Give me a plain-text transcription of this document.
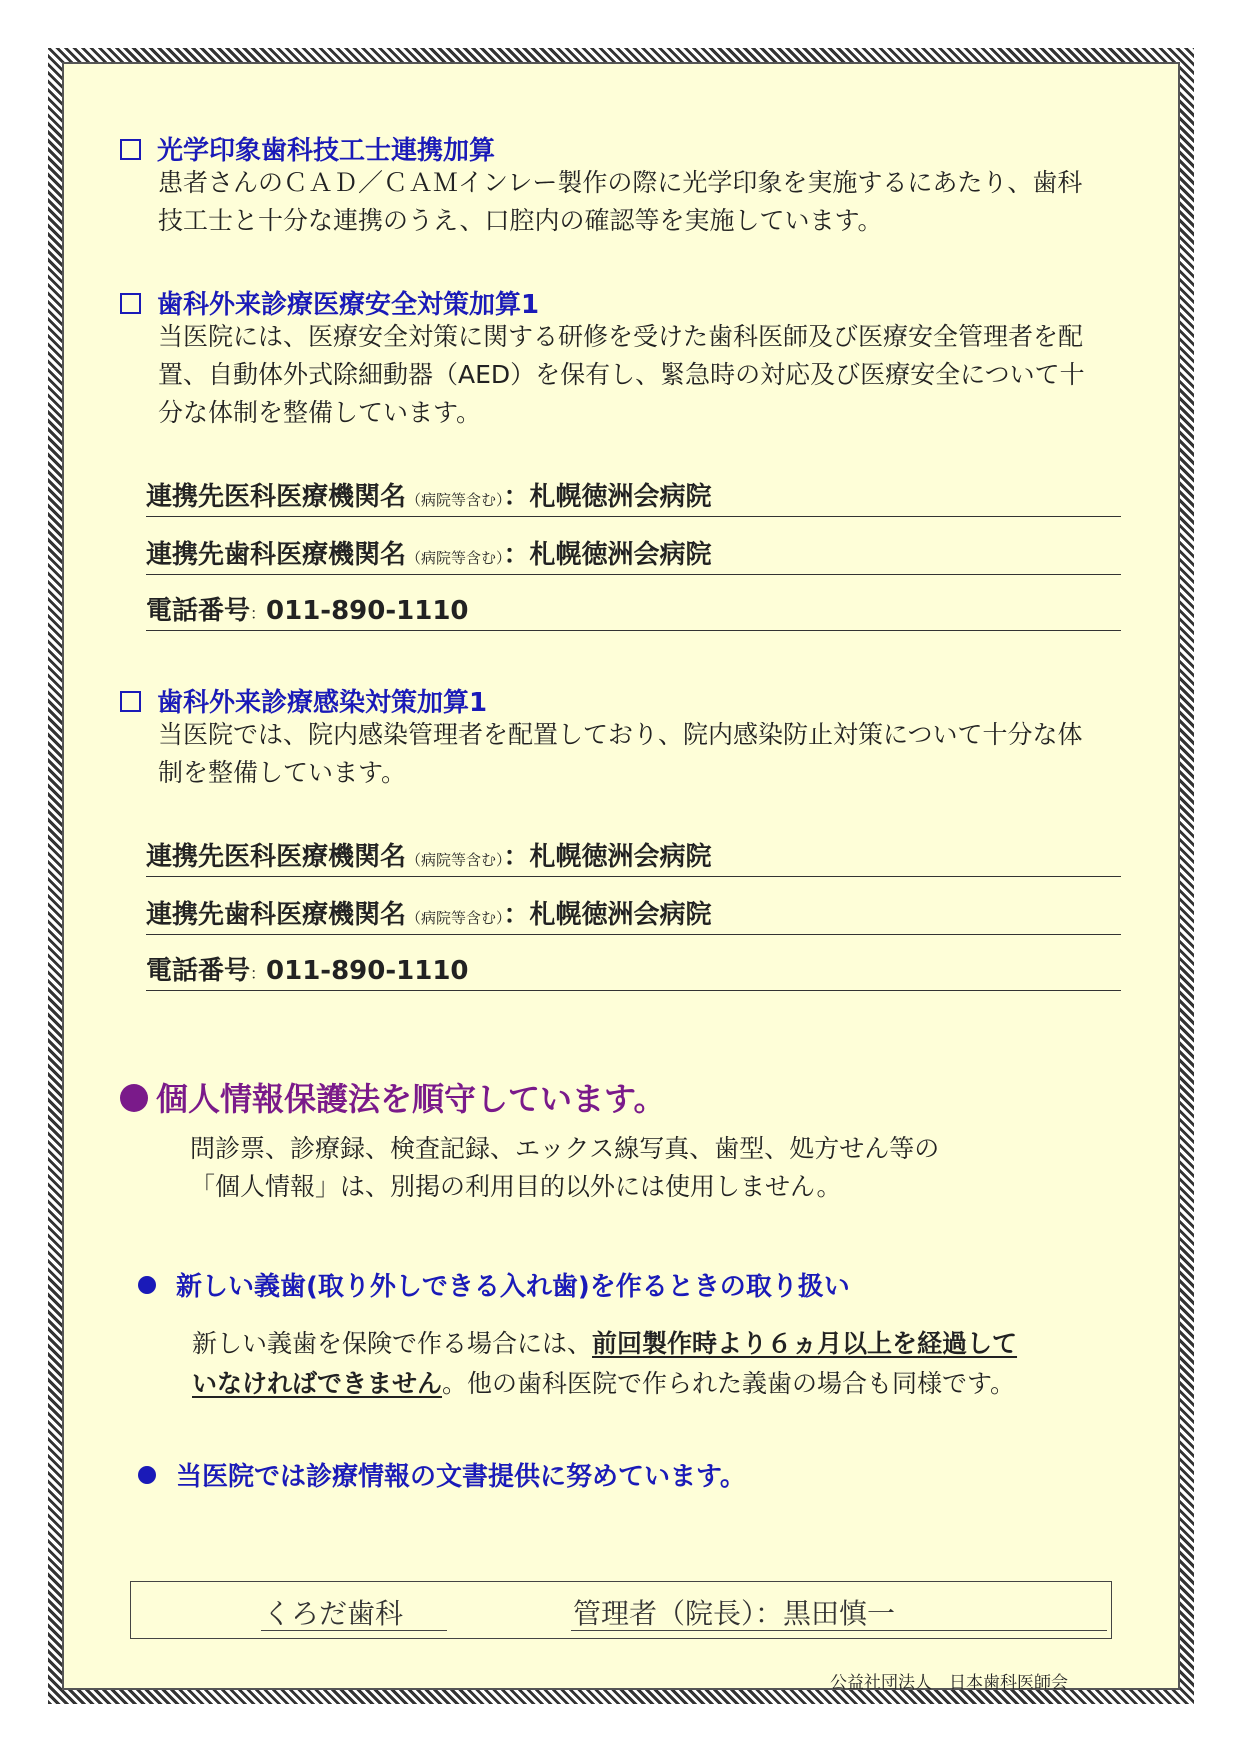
光学印象歯科技工士連携加算
患者さんのＣＡＤ／ＣＡＭインレー製作の際に光学印象を実施するにあたり、歯科
技工士と十分な連携のうえ、口腔内の確認等を実施しています。
歯科外来診療医療安全対策加算1
当医院には、医療安全対策に関する研修を受けた歯科医師及び医療安全管理者を配
置、自動体外式除細動器（AED）を保有し、緊急時の対応及び医療安全について十
分な体制を整備しています。
連携先医科医療機関名（病院等含む）：札幌徳洲会病院
連携先歯科医療機関名（病院等含む）：札幌徳洲会病院
電話番号：011-890-1110
歯科外来診療感染対策加算1
当医院では、院内感染管理者を配置しており、院内感染防止対策について十分な体
制を整備しています。
連携先医科医療機関名（病院等含む）：札幌徳洲会病院
連携先歯科医療機関名（病院等含む）：札幌徳洲会病院
電話番号：011-890-1110
個人情報保護法を順守しています。
問診票、診療録、検査記録、エックス線写真、歯型、処方せん等の
「個人情報」は、別掲の利用目的以外には使用しません。
新しい義歯(取り外しできる入れ歯)を作るときの取り扱い
新しい義歯を保険で作る場合には、前回製作時より６ヵ月以上を経過して
いなければできません。他の歯科医院で作られた義歯の場合も同様です。
当医院では診療情報の文書提供に努めています。
くろだ歯科	管理者（院長）：黒田慎一
公益社団法人　日本歯科医師会
